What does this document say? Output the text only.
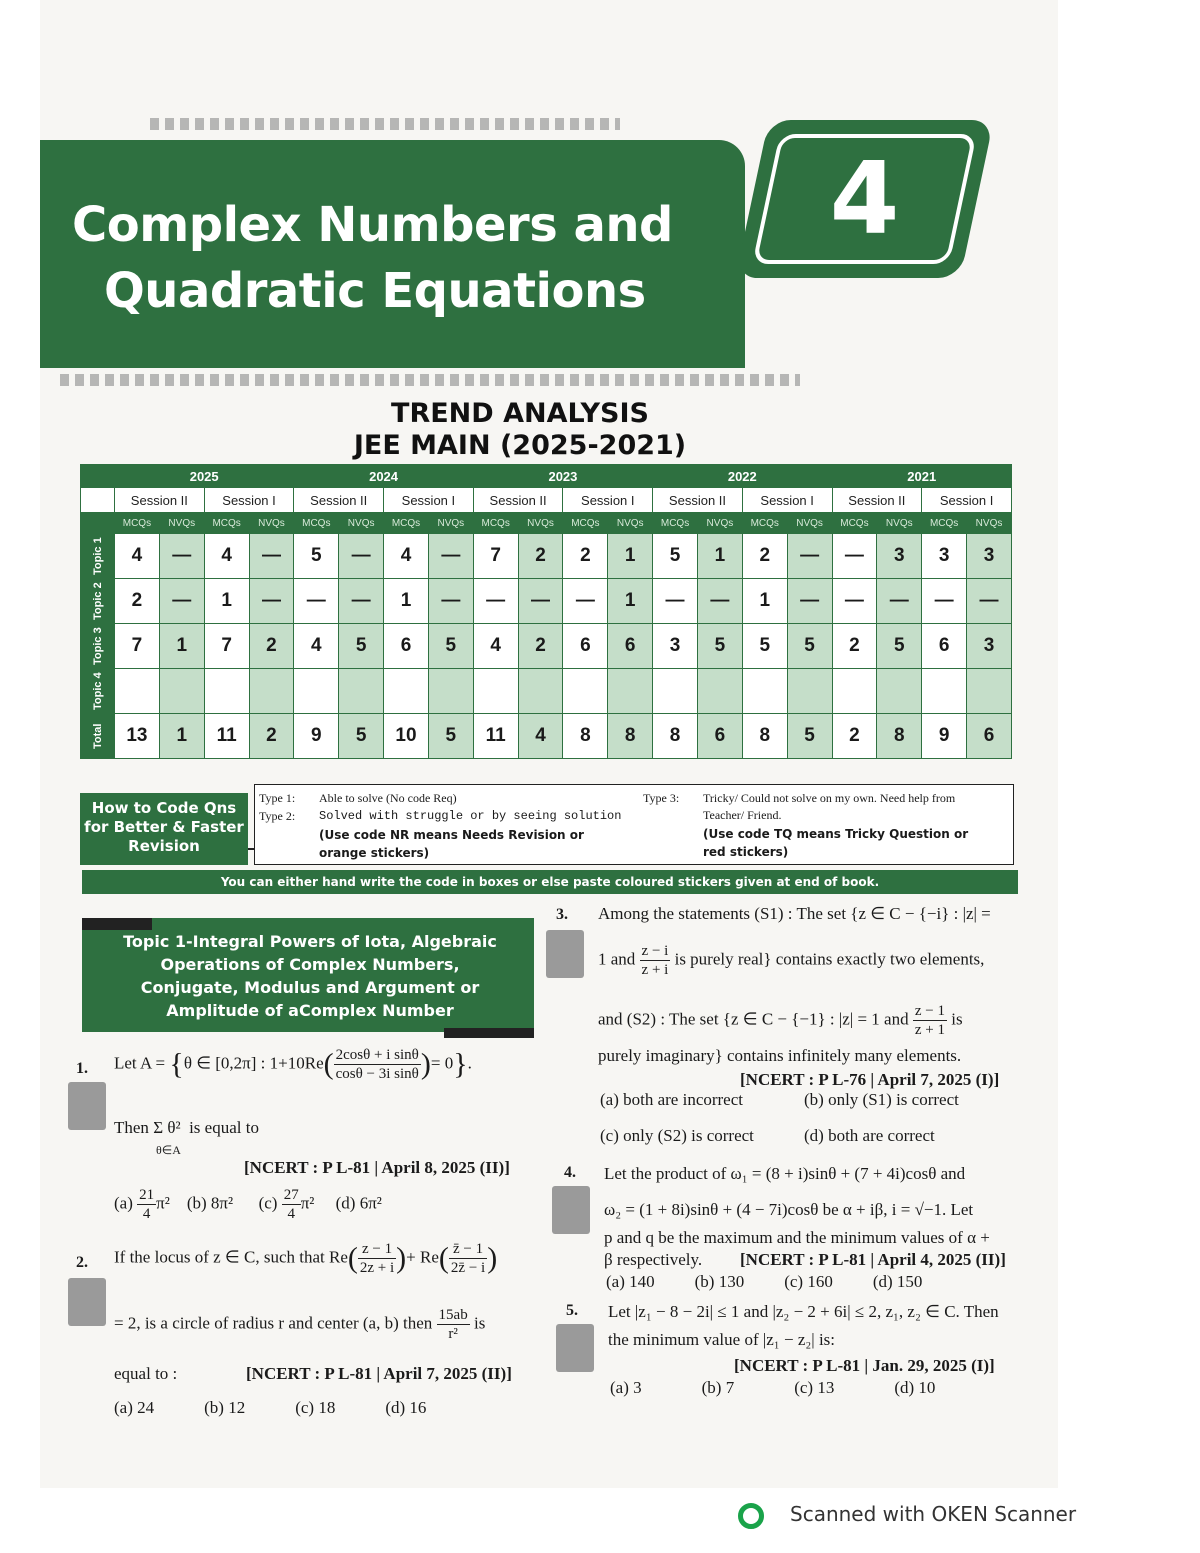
Complex Numbers and
Quadratic Equations
4
TREND ANALYSIS
JEE MAIN (2025-2021)
	2025				2024				2023				2022				2021			
	Session II		Session I		Session II		Session I		Session II		Session I		Session II		Session I		Session II		Session I	
	MCQs	NVQs	MCQs	NVQs	MCQs	NVQs	MCQs	NVQs	MCQs	NVQs	MCQs	NVQs	MCQs	NVQs	MCQs	NVQs	MCQs	NVQs	MCQs	NVQs
Topic 1	4	—	4	—	5	—	4	—	7	2	2	1	5	1	2	—	—	3	3	3
Topic 2	2	—	1	—	—	—	1	—	—	—	—	1	—	—	1	—	—	—	—	—
Topic 3	7	1	7	2	4	5	6	5	4	2	6	6	3	5	5	5	2	5	6	3
Topic 4																				
Total	13	1	11	2	9	5	10	5	11	4	8	8	8	6	8	5	2	8	9	6
How to Code Qns
for Better & Faster
Revision
Type 1: Able to solve (No code Req)
Type 2: Solved with struggle or by seeing solution
(Use code NR means Needs Revision or
orange stickers)
Type 3: Tricky/ Could not solve on my own. Need help from
Teacher/ Friend.
(Use code TQ means Tricky Question or
red stickers)
You can either hand write the code in boxes or else paste coloured stickers given at end of book.
Topic 1-Integral Powers of Iota, Algebraic
Operations of Complex Numbers,
Conjugate, Modulus and Argument or
Amplitude of aComplex Number
1. Let A = {θ ∈ [0,2π] : $1+10Re( \frac{\text{2cosθ + i sinθ}}{\text{cosθ − 3i sinθ}}$ )= 0}.
Then Σ θ² is equal to
θ∈A
[NCERT : P L-81 | April 8, 2025 (II)]
$(a) \frac{21}{4} \pi^2$ (b) 8π² $(c) \frac{27}{4} \pi^2$ (d) 6π²
2. If the locus of z ∈ C, such that $Re( \frac{z - 1}{2z + i}$ )+ $Re( \frac{z̄ - 1}{2z̄ - i}$ )
= 2, is a circle of radius r and center (a, b) then $\frac{15ab}{\text{r²}}$ is
equal to :	[NCERT : P L-81 | April 7, 2025 (II)]
(a) 24	(b) 12	(c) 18	(d) 16
3. Among the statements (S1) : The set {z ∈ C − {−i} : |z| =
1 and $\frac{z - i}{z + i}$ is purely real} contains exactly two elements,
and (S2) : The set {z ∈ C − {−1} : |z| = 1 and $\frac{z - 1}{z + 1}$ is
purely imaginary} contains infinitely many elements.
[NCERT : P L-76 | April 7, 2025 (I)]
(a) both are incorrect	(b) only (S1) is correct
(c) only (S2) is correct	(d) both are correct
4. Let the product of ω₁ = (8 + i)sinθ + (7 + 4i)cosθ and
ω₂ = (1 + 8i)sinθ + (4 − 7i)cosθ be α + iβ, i = √−1. Let
p and q be the maximum and the minimum values of α +
β respectively. [NCERT : P L-81 | April 4, 2025 (II)]
(a) 140 (b) 130 (c) 160 (d) 150
5. Let |z₁ − 8 − 2i| ≤ 1 and |z₂ − 2 + 6i| ≤ 2, z₁, z₂ ∈ C. Then
the minimum value of |z₁ − z₂| is:
[NCERT : P L-81 | Jan. 29, 2025 (I)]
(a) 3	(b) 7	(c) 13	(d) 10
Scanned with OKEN Scanner
